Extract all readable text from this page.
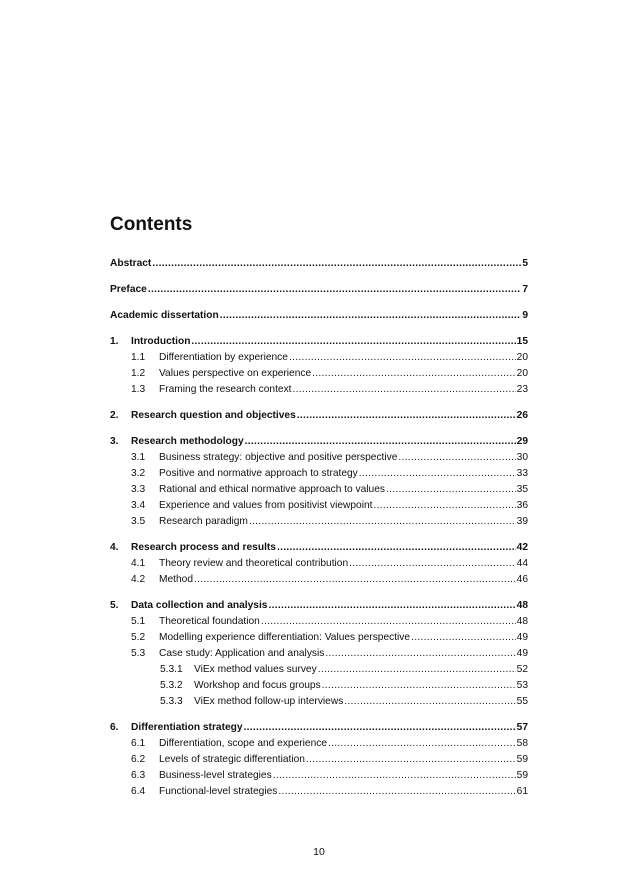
Contents
Abstract .....	5
Preface .....	7
Academic dissertation .....	9
1.	Introduction .....	15
1.1	Differentiation by experience .....	20
1.2	Values perspective on experience .....	20
1.3	Framing the research context .....	23
2.	Research question and objectives .....	26
3.	Research methodology .....	29
3.1	Business strategy: objective and positive perspective .....	30
3.2	Positive and normative approach to strategy .....	33
3.3	Rational and ethical normative approach to values .....	35
3.4	Experience and values from positivist viewpoint .....	36
3.5	Research paradigm .....	39
4.	Research process and results .....	42
4.1	Theory review and theoretical contribution .....	44
4.2	Method .....	46
5.	Data collection and analysis .....	48
5.1	Theoretical foundation .....	48
5.2	Modelling experience differentiation: Values perspective .....	49
5.3	Case study: Application and analysis .....	49
5.3.1	ViEx method values survey .....	52
5.3.2	Workshop and focus groups .....	53
5.3.3	ViEx method follow-up interviews .....	55
6.	Differentiation strategy .....	57
6.1	Differentiation, scope and experience .....	58
6.2	Levels of strategic differentiation .....	59
6.3	Business-level strategies .....	59
6.4	Functional-level strategies .....	61
10
